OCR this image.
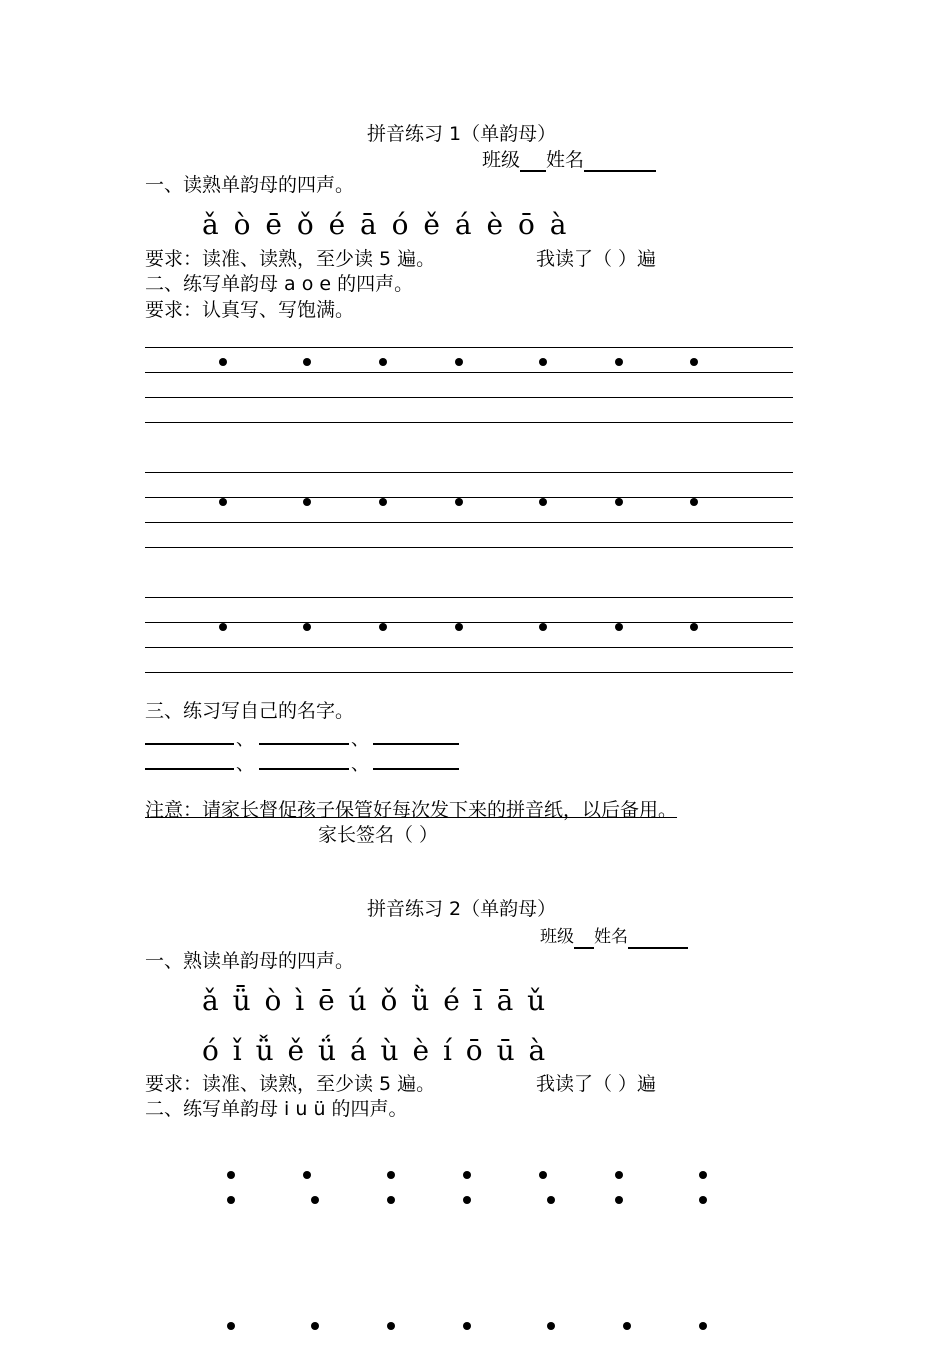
拼音练习 1（单韵母）
班级 姓名
一、读熟单韵母的四声。
ǎ ò ē ǒ é ā ó ě á è ō à
要求：读准、读熟，至少读 5 遍。	我读了（ ）遍
二、练写单韵母 a o e 的四声。
要求：认真写、写饱满。
三、练习写自己的名字。
、	、
、	、
注意：请家长督促孩子保管好每次发下来的拼音纸，以后备用。
家长签名（ ）
拼音练习 2（单韵母）
班级 姓名
一、熟读单韵母的四声。
ǎ ǖ ò ì ē ú ǒ ǜ é ī ā ǔ
ó ǐ ǚ ě ǘ á ù è í ō ū à
要求：读准、读熟，至少读 5 遍。	我读了（ ）遍
二、练写单韵母 i u ü 的四声。
